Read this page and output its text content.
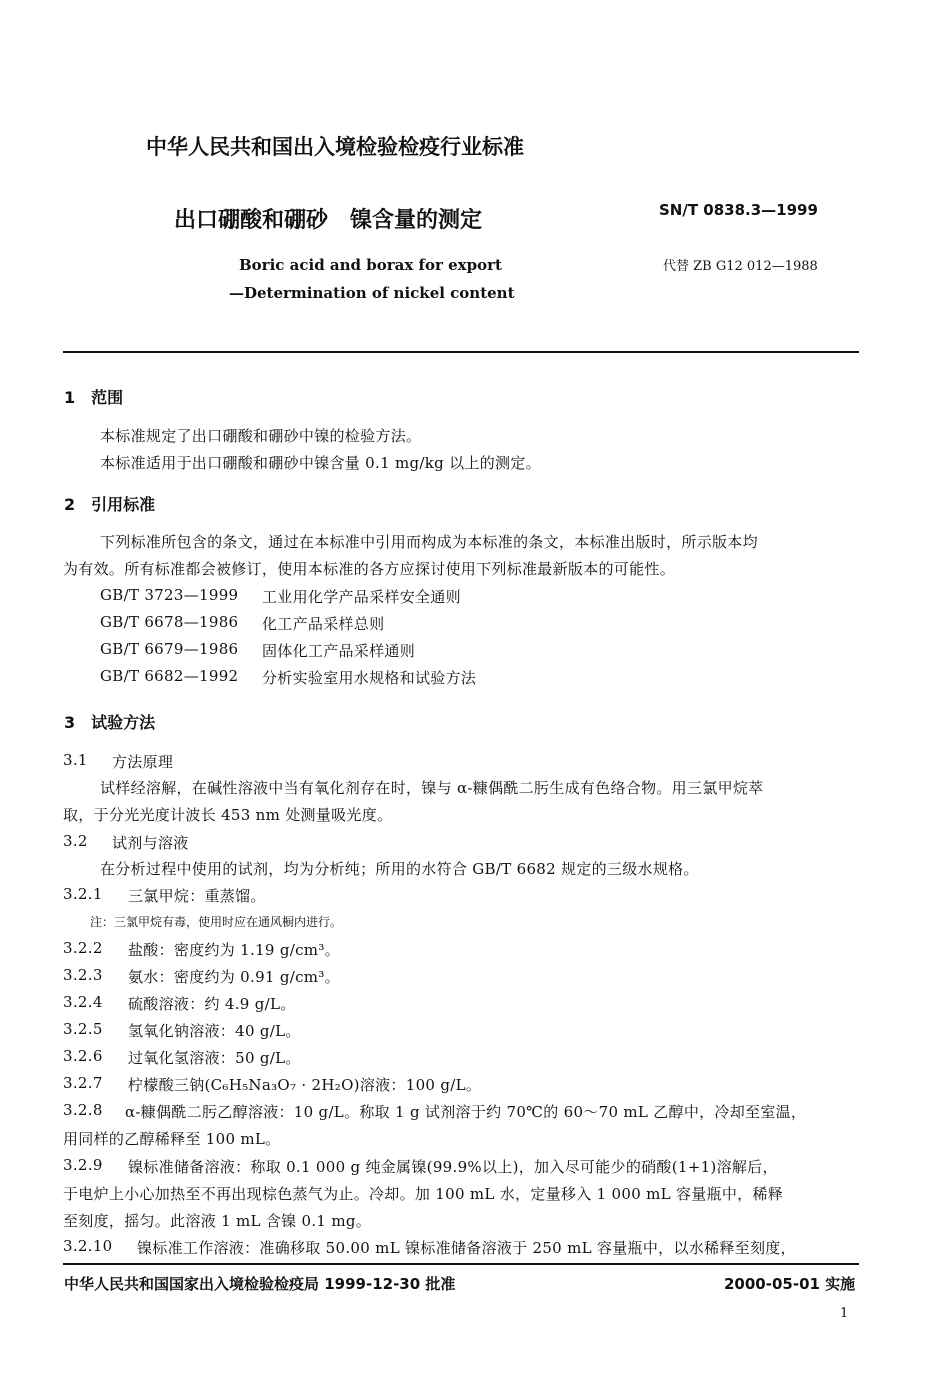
中华人民共和国出入境检验检疫行业标准
出口硼酸和硼砂　镍含量的测定	SN/T 0838.3—1999
代替 ZB G12 012—1988
Boric acid and borax for export
—Determination of nickel content
1　范围
本标准规定了出口硼酸和硼砂中镍的检验方法。
本标准适用于出口硼酸和硼砂中镍含量 0.1 mg/kg 以上的测定。
2　引用标准
下列标准所包含的条文，通过在本标准中引用而构成为本标准的条文，本标准出版时，所示版本均
为有效。所有标准都会被修订，使用本标准的各方应探讨使用下列标准最新版本的可能性。
GB/T 3723—1999 工业用化学产品采样安全通则
GB/T 6678—1986 化工产品采样总则
GB/T 6679—1986 固体化工产品采样通则
GB/T 6682—1992 分析实验室用水规格和试验方法
3　试验方法
3.1 方法原理
试样经溶解，在碱性溶液中当有氧化剂存在时，镍与 α-糠偶酰二肟生成有色络合物。用三氯甲烷萃
取，于分光光度计波长 453 nm 处测量吸光度。
3.2 试剂与溶液
在分析过程中使用的试剂，均为分析纯；所用的水符合 GB/T 6682 规定的三级水规格。
3.2.1 三氯甲烷：重蒸馏。
注：三氯甲烷有毒，使用时应在通风橱内进行。
3.2.2 盐酸：密度约为 1.19 g/cm³。
3.2.3 氨水：密度约为 0.91 g/cm³。
3.2.4 硫酸溶液：约 4.9 g/L。
3.2.5 氢氧化钠溶液：40 g/L。
3.2.6 过氧化氢溶液：50 g/L。
3.2.7 柠檬酸三钠(C₆H₅Na₃O₇ · 2H₂O)溶液：100 g/L。
3.2.8 α-糠偶酰二肟乙醇溶液：10 g/L。称取 1 g 试剂溶于约 70℃的 60～70 mL 乙醇中，冷却至室温，
用同样的乙醇稀释至 100 mL。
3.2.9 镍标准储备溶液：称取 0.1 000 g 纯金属镍(99.9%以上)，加入尽可能少的硝酸(1+1)溶解后，
于电炉上小心加热至不再出现棕色蒸气为止。冷却。加 100 mL 水，定量移入 1 000 mL 容量瓶中，稀释
至刻度，摇匀。此溶液 1 mL 含镍 0.1 mg。
3.2.10 镍标准工作溶液：准确移取 50.00 mL 镍标准储备溶液于 250 mL 容量瓶中，以水稀释至刻度，
中华人民共和国国家出入境检验检疫局 1999-12-30 批准	2000-05-01 实施
1
